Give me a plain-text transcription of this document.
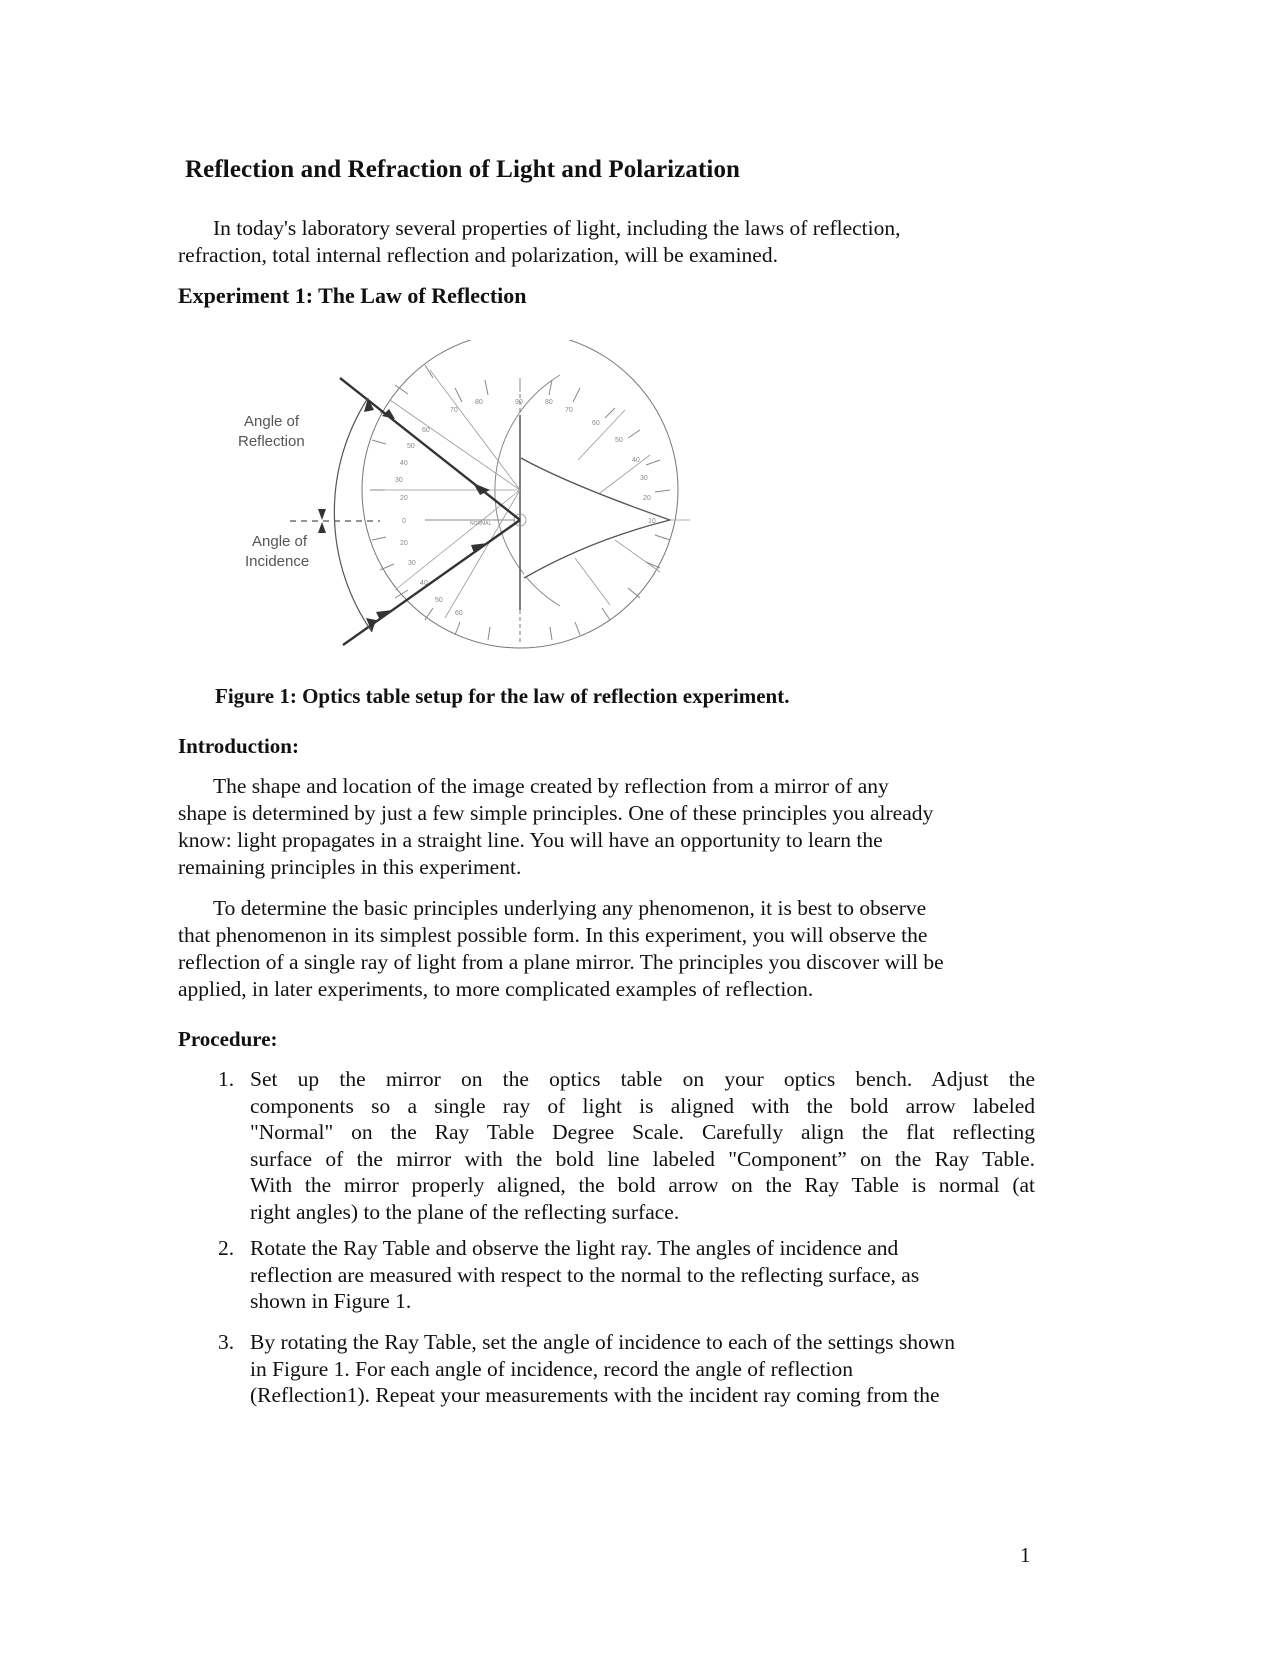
Reflection and Refraction of Light and Polarization
In today's laboratory several properties of light, including the laws of reflection,
refraction, total internal reflection and polarization, will be examined.
Experiment 1: The Law of Reflection
80	90	80
70	70
60
50
40
30
20
10
60
50
40
30
20
0
20
30
40
50
60
NORMAL
Angle of
Reflection
Angle of
Incidence
Figure 1: Optics table setup for the law of reflection experiment.
Introduction:
The shape and location of the image created by reflection from a mirror of any
shape is determined by just a few simple principles. One of these principles you already
know: light propagates in a straight line. You will have an opportunity to learn the
remaining principles in this experiment.
To determine the basic principles underlying any phenomenon, it is best to observe
that phenomenon in its simplest possible form. In this experiment, you will observe the
reflection of a single ray of light from a plane mirror. The principles you discover will be
applied, in later experiments, to more complicated examples of reflection.
Procedure:
1. Set up the mirror on the optics table on your optics bench. Adjust the
components so a single ray of light is aligned with the bold arrow labeled
"Normal" on the Ray Table Degree Scale. Carefully align the flat reflecting
surface of the mirror with the bold line labeled "Component” on the Ray Table.
With the mirror properly aligned, the bold arrow on the Ray Table is normal (at
right angles) to the plane of the reflecting surface.
2. Rotate the Ray Table and observe the light ray. The angles of incidence and
reflection are measured with respect to the normal to the reflecting surface, as
shown in Figure 1.
3. By rotating the Ray Table, set the angle of incidence to each of the settings shown
in Figure 1. For each angle of incidence, record the angle of reflection
(Reflection1). Repeat your measurements with the incident ray coming from the
1
